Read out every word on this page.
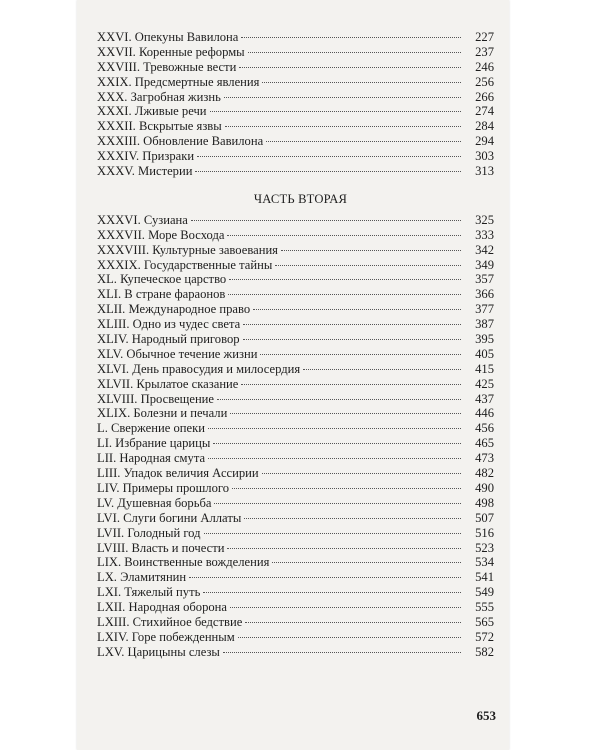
XXVI. Опекуны Вавилона	227
XXVII. Коренные реформы	237
XXVIII. Тревожные вести	246
XXIX. Предсмертные явления	256
XXX. Загробная жизнь	266
XXXI. Лживые речи	274
XXXII. Вскрытые язвы	284
XXXIII. Обновление Вавилона	294
XXXIV. Призраки	303
XXXV. Мистерии	313
ЧАСТЬ ВТОРАЯ
XXXVI. Сузиана	325
XXXVII. Море Восхода	333
XXXVIII. Культурные завоевания	342
XXXIX. Государственные тайны	349
XL. Купеческое царство	357
XLI. В стране фараонов	366
XLII. Международное право	377
XLIII. Одно из чудес света	387
XLIV. Народный приговор	395
XLV. Обычное течение жизни	405
XLVI. День правосудия и милосердия	415
XLVII. Крылатое сказание	425
XLVIII. Просвещение	437
XLIX. Болезни и печали	446
L. Свержение опеки	456
LI. Избрание царицы	465
LII. Народная смута	473
LIII. Упадок величия Ассирии	482
LIV. Примеры прошлого	490
LV. Душевная борьба	498
LVI. Слуги богини Аллаты	507
LVII. Голодный год	516
LVIII. Власть и почести	523
LIX. Воинственные вожделения	534
LX. Эламитянин	541
LXI. Тяжелый путь	549
LXII. Народная оборона	555
LXIII. Стихийное бедствие	565
LXIV. Горе побежденным	572
LXV. Царицыны слезы	582
653
